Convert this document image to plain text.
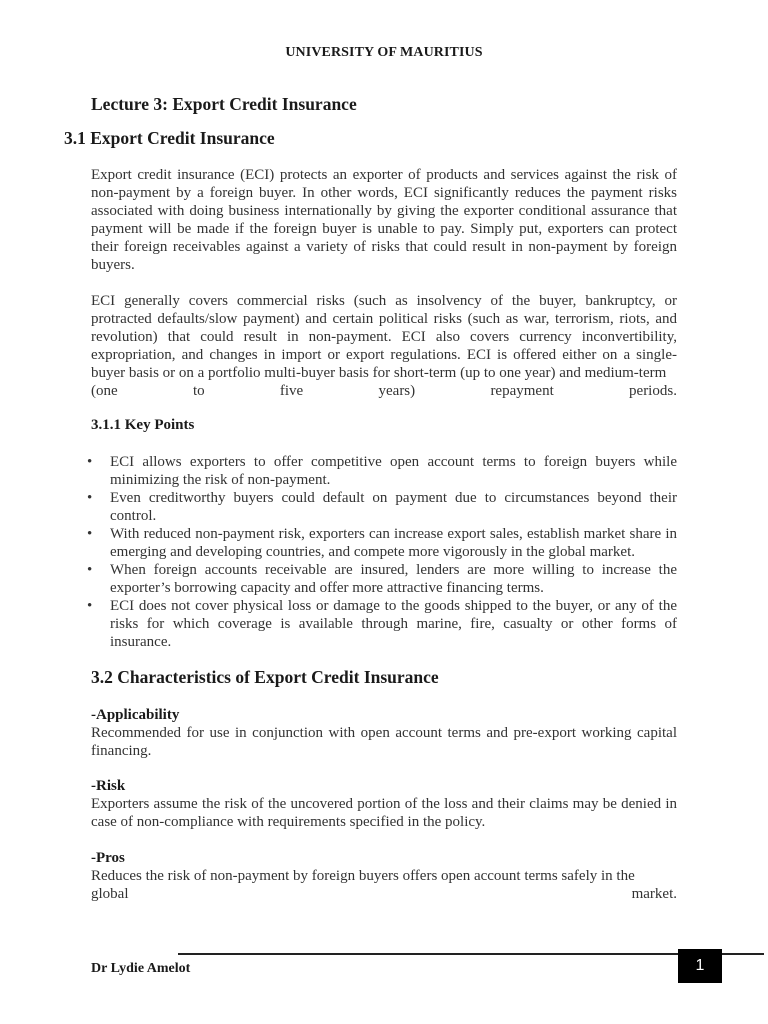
UNIVERSITY OF MAURITIUS
Lecture 3: Export Credit Insurance
3.1 Export Credit Insurance
Export credit insurance (ECI) protects an exporter of products and services against the risk of non-payment by a foreign buyer. In other words, ECI significantly reduces the payment risks associated with doing business internationally by giving the exporter conditional assurance that payment will be made if the foreign buyer is unable to pay. Simply put, exporters can protect their foreign receivables against a variety of risks that could result in non-payment by foreign buyers.
ECI generally covers commercial risks (such as insolvency of the buyer, bankruptcy, or protracted defaults/slow payment) and certain political risks (such as war, terrorism, riots, and revolution) that could result in non-payment. ECI also covers currency inconvertibility, expropriation, and changes in import or export regulations. ECI is offered either on a single-buyer basis or on a portfolio multi-buyer basis for short-term (up to one year) and medium-term
(one	to	five	years)	repayment	periods.
3.1.1 Key Points
• ECI allows exporters to offer competitive open account terms to foreign buyers while minimizing the risk of non-payment.
• Even creditworthy buyers could default on payment due to circumstances beyond their control.
• With reduced non-payment risk, exporters can increase export sales, establish market share in emerging and developing countries, and compete more vigorously in the global market.
• When foreign accounts receivable are insured, lenders are more willing to increase the exporter’s borrowing capacity and offer more attractive financing terms.
• ECI does not cover physical loss or damage to the goods shipped to the buyer, or any of the risks for which coverage is available through marine, fire, casualty or other forms of insurance.
3.2 Characteristics of Export Credit Insurance
-Applicability
Recommended for use in conjunction with open account terms and pre-export working capital financing.
-Risk
Exporters assume the risk of the uncovered portion of the loss and their claims may be denied in case of non-compliance with requirements specified in the policy.
-Pros
Reduces the risk of non-payment by foreign buyers offers open account terms safely in the
global	market.
Dr Lydie Amelot	1
